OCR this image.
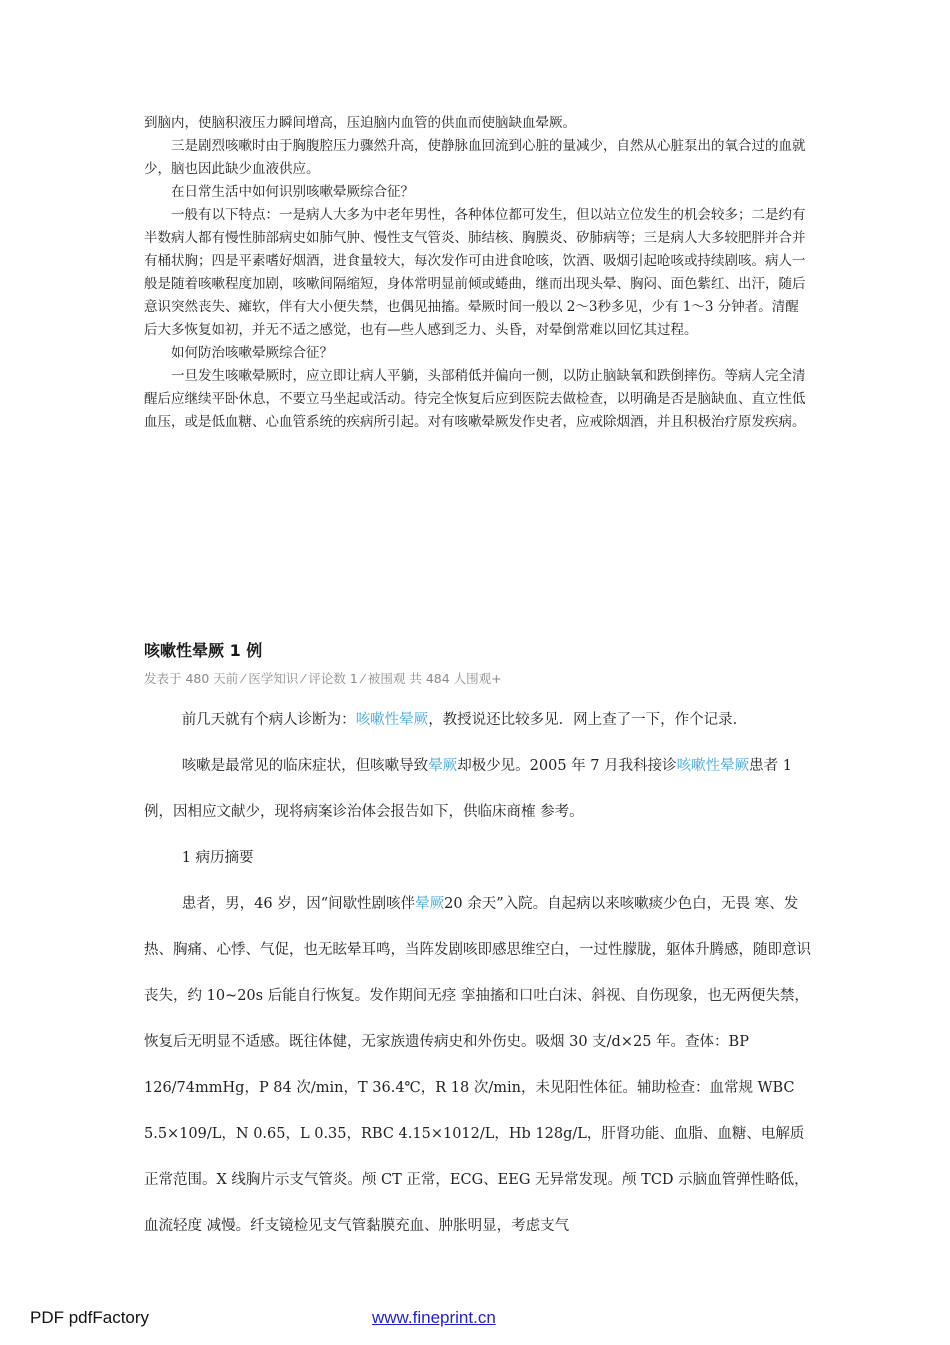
到脑内，使脑积液压力瞬间增高，压迫脑内血管的供血而使脑缺血晕厥。

三是剧烈咳嗽时由于胸腹腔压力骤然升高，使静脉血回流到心脏的量减少，自然从心脏泵出的氧合过的血就少，脑也因此缺少血液供应。

在日常生活中如何识别咳嗽晕厥综合征？

一般有以下特点：一是病人大多为中老年男性，各种体位都可发生，但以站立位发生的机会较多；二是约有半数病人都有慢性肺部病史如肺气肿、慢性支气管炎、肺结核、胸膜炎、矽肺病等；三是病人大多较肥胖并合并有桶状胸；四是平素嗜好烟酒，进食量较大，每次发作可由进食呛咳，饮酒、吸烟引起呛咳或持续剧咳。病人一般是随着咳嗽程度加剧，咳嗽间隔缩短，身体常明显前倾或蜷曲，继而出现头晕、胸闷、面色紫红、出汗，随后意识突然丧失、瘫软，伴有大小便失禁，也偶见抽搐。晕厥时间一般以 2～3秒多见，少有 1～3 分钟者。清醒后大多恢复如初，并无不适之感觉，也有—些人感到乏力、头昏，对晕倒常难以回忆其过程。

如何防治咳嗽晕厥综合征？

一旦发生咳嗽晕厥时，应立即让病人平躺，头部稍低并偏向一侧，以防止脑缺氧和跌倒摔伤。等病人完全清醒后应继续平卧休息，不要立马坐起或活动。待完全恢复后应到医院去做检查，以明确是否是脑缺血、直立性低血压，或是低血糖、心血管系统的疾病所引起。对有咳嗽晕厥发作史者，应戒除烟酒，并且积极治疗原发疾病。

咳嗽性晕厥 1 例
发表于 480 天前 ⁄ 医学知识 ⁄ 评论数 1 ⁄ 被围观 共 484 人围观+

前几天就有个病人诊断为：咳嗽性晕厥，教授说还比较多见．网上查了一下，作个记录．

咳嗽是最常见的临床症状，但咳嗽导致晕厥却极少见。2005 年 7 月我科接诊咳嗽性晕厥患者 1 例，因相应文献少，现将病案诊治体会报告如下，供临床商榷 参考。

1 病历摘要

患者，男，46 岁，因“间歇性剧咳伴晕厥20 余天”入院。自起病以来咳嗽痰少色白，无畏 寒、发热、胸痛、心悸、气促，也无眩晕耳鸣，当阵发剧咳即感思维空白，一过性朦胧，躯体升腾感，随即意识丧失，约 10~20s 后能自行恢复。发作期间无痉 挛抽搐和口吐白沫、斜视、自伤现象，也无两便失禁，恢复后无明显不适感。既往体健，无家族遗传病史和外伤史。吸烟 30 支/d×25 年。查体：BP 126/74mmHg，P 84 次/min，T 36.4℃，R 18 次/min，未见阳性体征。辅助检查：血常规 WBC 5.5×109/L，N 0.65，L 0.35，RBC 4.15×1012/L，Hb 128g/L，肝肾功能、血脂、血糖、电解质正常范围。X 线胸片示支气管炎。颅 CT 正常，ECG、EEG 无异常发现。颅 TCD 示脑血管弹性略低，血流轻度 减慢。纤支镜检见支气管黏膜充血、肿胀明显，考虑支气

PDF pdfFactory	www.fineprint.cn
